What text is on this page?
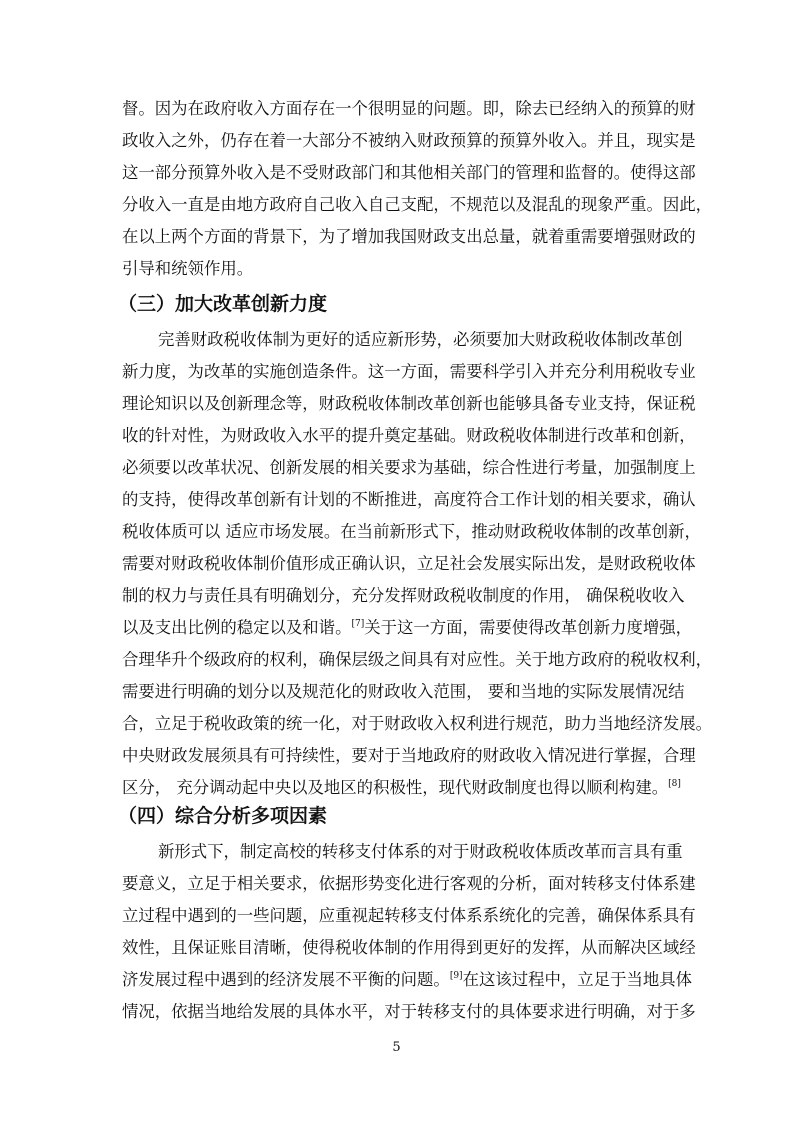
督。因为在政府收入方面存在一个很明显的问题。即，除去已经纳入的预算的财
政收入之外，仍存在着一大部分不被纳入财政预算的预算外收入。并且，现实是
这一部分预算外收入是不受财政部门和其他相关部门的管理和监督的。使得这部
分收入一直是由地方政府自己收入自己支配，不规范以及混乱的现象严重。因此，
在以上两个方面的背景下，为了增加我国财政支出总量，就着重需要增强财政的
引导和统领作用。
（三）加大改革创新力度
完善财政税收体制为更好的适应新形势，必须要加大财政税收体制改革创
新力度，为改革的实施创造条件。这一方面，需要科学引入并充分利用税收专业
理论知识以及创新理念等，财政税收体制改革创新也能够具备专业支持，保证税
收的针对性，为财政收入水平的提升奠定基础。财政税收体制进行改革和创新，
必须要以改革状况、创新发展的相关要求为基础，综合性进行考量，加强制度上
的支持，使得改革创新有计划的不断推进，高度符合工作计划的相关要求，确认
税收体质可以 适应市场发展。在当前新形式下，推动财政税收体制的改革创新，
需要对财政税收体制价值形成正确认识，立足社会发展实际出发，是财政税收体
制的权力与责任具有明确划分，充分发挥财政税收制度的作用， 确保税收收入
以及支出比例的稳定以及和谐。[7]关于这一方面，需要使得改革创新力度增强，
合理华升个级政府的权利，确保层级之间具有对应性。关于地方政府的税收权利，
需要进行明确的划分以及规范化的财政收入范围， 要和当地的实际发展情况结
合，立足于税收政策的统一化，对于财政收入权利进行规范，助力当地经济发展。
中央财政发展须具有可持续性，要对于当地政府的财政收入情况进行掌握，合理
区分， 充分调动起中央以及地区的积极性，现代财政制度也得以顺利构建。[8]
（四）综合分析多项因素
新形式下，制定高校的转移支付体系的对于财政税收体质改革而言具有重
要意义，立足于相关要求，依据形势变化进行客观的分析，面对转移支付体系建
立过程中遇到的一些问题，应重视起转移支付体系系统化的完善，确保体系具有
效性，且保证账目清晰，使得税收体制的作用得到更好的发挥，从而解决区域经
济发展过程中遇到的经济发展不平衡的问题。[9]在这该过程中，立足于当地具体
情况，依据当地给发展的具体水平，对于转移支付的具体要求进行明确，对于多
5
